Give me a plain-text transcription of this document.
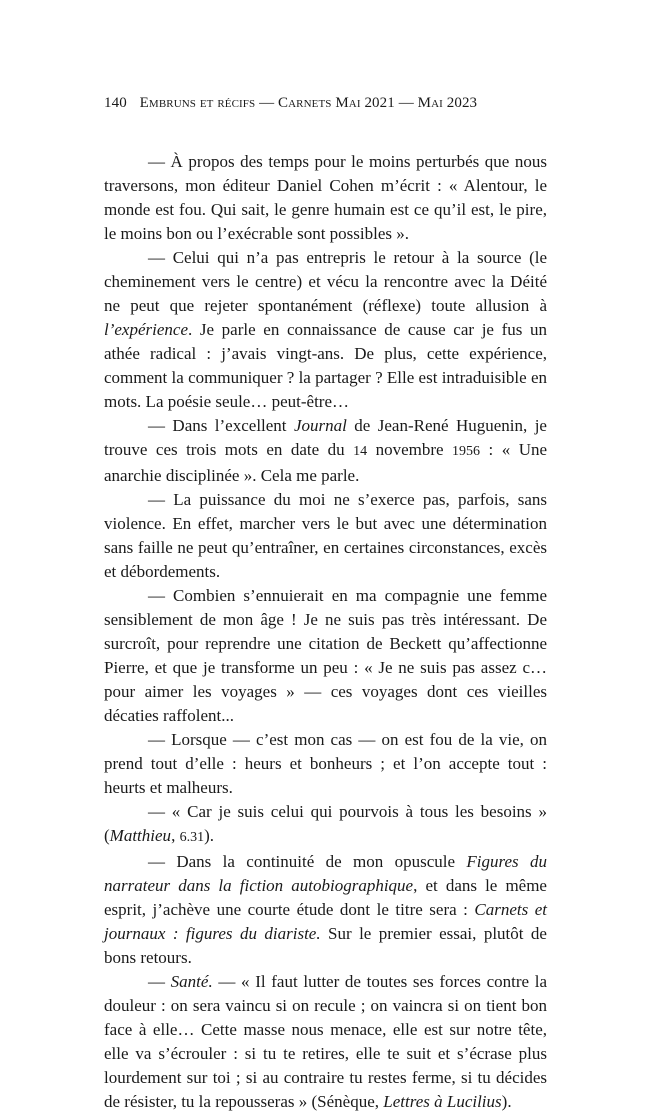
140 Embruns et récifs — Carnets Mai 2021 — Mai 2023

— À propos des temps pour le moins perturbés que nous traversons, mon éditeur Daniel Cohen m’écrit : « Alentour, le monde est fou. Qui sait, le genre humain est ce qu’il est, le pire, le moins bon ou l’exécrable sont possibles ».

— Celui qui n’a pas entrepris le retour à la source (le cheminement vers le centre) et vécu la rencontre avec la Déité ne peut que rejeter spontanément (réflexe) toute allusion à l’expérience. Je parle en connaissance de cause car je fus un athée radical : j’avais vingt-ans. De plus, cette expérience, comment la communiquer ? la partager ? Elle est intraduisible en mots. La poésie seule… peut-être…

— Dans l’excellent Journal de Jean-René Huguenin, je trouve ces trois mots en date du 14 novembre 1956 : « Une anarchie disciplinée ». Cela me parle.

— La puissance du moi ne s’exerce pas, parfois, sans violence. En effet, marcher vers le but avec une détermination sans faille ne peut qu’entraîner, en certaines circonstances, excès et débordements.

— Combien s’ennuierait en ma compagnie une femme sensiblement de mon âge ! Je ne suis pas très intéressant. De surcroît, pour reprendre une citation de Beckett qu’affectionne Pierre, et que je transforme un peu : « Je ne suis pas assez c… pour aimer les voyages » — ces voyages dont ces vieilles décaties raffolent...

— Lorsque — c’est mon cas — on est fou de la vie, on prend tout d’elle : heurs et bonheurs ; et l’on accepte tout : heurts et malheurs.

— « Car je suis celui qui pourvois à tous les besoins » (Matthieu, 6.31).

— Dans la continuité de mon opuscule Figures du narrateur dans la fiction autobiographique, et dans le même esprit, j’achève une courte étude dont le titre sera : Carnets et journaux : figures du diariste. Sur le premier essai, plutôt de bons retours.

— Santé. — « Il faut lutter de toutes ses forces contre la douleur : on sera vaincu si on recule ; on vaincra si on tient bon face à elle… Cette masse nous menace, elle est sur notre tête, elle va s’écrouler : si tu te retires, elle te suit et s’écrase plus lourdement sur toi ; si au contraire tu restes ferme, si tu décides de résister, tu la repousseras » (Sénèque, Lettres à Lucilius).
